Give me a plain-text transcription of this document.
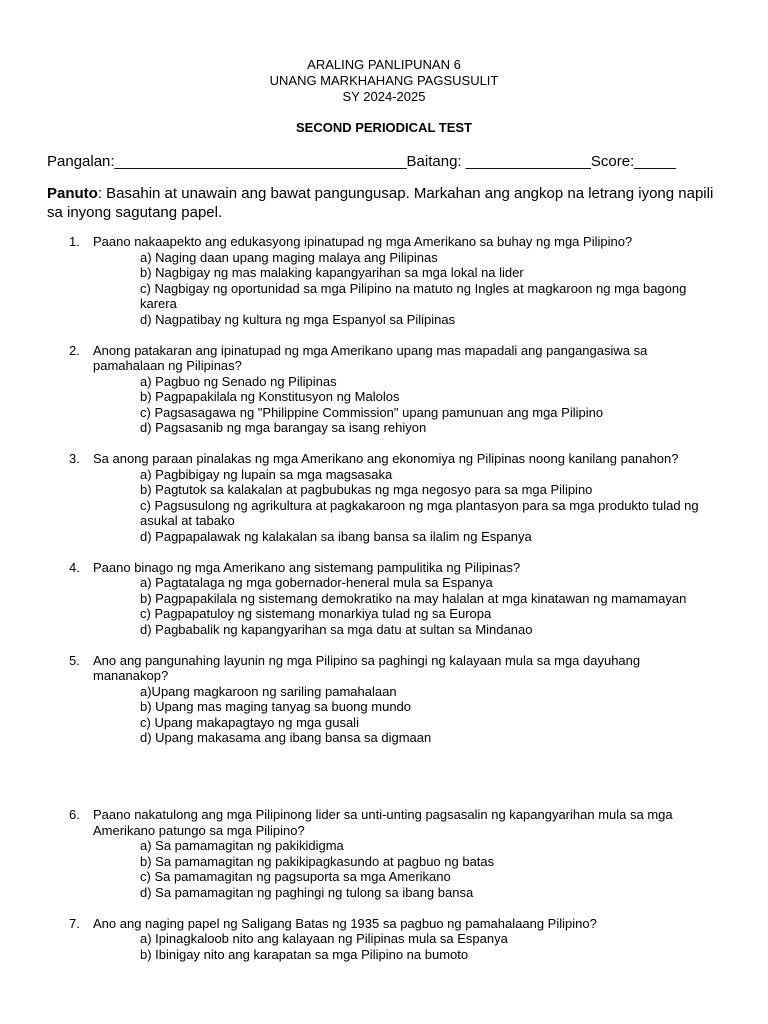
ARALING PANLIPUNAN 6
UNANG MARKHAHANG PAGSUSULIT
SY 2024-2025
SECOND PERIODICAL TEST
Pangalan:___________________________________Baitang: _______________Score:_____
Panuto: Basahin at unawain ang bawat pangungusap. Markahan ang angkop na letrang iyong napili sa inyong sagutang papel.
1. Paano nakaapekto ang edukasyong ipinatupad ng mga Amerikano sa buhay ng mga Pilipino?
a) Naging daan upang maging malaya ang Pilipinas
b) Nagbigay ng mas malaking kapangyarihan sa mga lokal na lider
c) Nagbigay ng oportunidad sa mga Pilipino na matuto ng Ingles at magkaroon ng mga bagong karera
d) Nagpatibay ng kultura ng mga Espanyol sa Pilipinas
2. Anong patakaran ang ipinatupad ng mga Amerikano upang mas mapadali ang pangangasiwa sa pamahalaan ng Pilipinas?
a) Pagbuo ng Senado ng Pilipinas
b) Pagpapakilala ng Konstitusyon ng Malolos
c) Pagsasagawa ng "Philippine Commission" upang pamunuan ang mga Pilipino
d) Pagsasanib ng mga barangay sa isang rehiyon
3. Sa anong paraan pinalakas ng mga Amerikano ang ekonomiya ng Pilipinas noong kanilang panahon?
a) Pagbibigay ng lupain sa mga magsasaka
b) Pagtutok sa kalakalan at pagbubukas ng mga negosyo para sa mga Pilipino
c) Pagsusulong ng agrikultura at pagkakaroon ng mga plantasyon para sa mga produkto tulad ng asukal at tabako
d) Pagpapalawak ng kalakalan sa ibang bansa sa ilalim ng Espanya
4. Paano binago ng mga Amerikano ang sistemang pampulitika ng Pilipinas?
a) Pagtatalaga ng mga gobernador-heneral mula sa Espanya
b) Pagpapakilala ng sistemang demokratiko na may halalan at mga kinatawan ng mamamayan
c) Pagpapatuloy ng sistemang monarkiya tulad ng sa Europa
d) Pagbabalik ng kapangyarihan sa mga datu at sultan sa Mindanao
5. Ano ang pangunahing layunin ng mga Pilipino sa paghingi ng kalayaan mula sa mga dayuhang mananakop?
a)Upang magkaroon ng sariling pamahalaan
b) Upang mas maging tanyag sa buong mundo
c) Upang makapagtayo ng mga gusali
d) Upang makasama ang ibang bansa sa digmaan
6. Paano nakatulong ang mga Pilipinong lider sa unti-unting pagsasalin ng kapangyarihan mula sa mga Amerikano patungo sa mga Pilipino?
a) Sa pamamagitan ng pakikidigma
b) Sa pamamagitan ng pakikipagkasundo at pagbuo ng batas
c) Sa pamamagitan ng pagsuporta sa mga Amerikano
d) Sa pamamagitan ng paghingi ng tulong sa ibang bansa
7. Ano ang naging papel ng Saligang Batas ng 1935 sa pagbuo ng pamahalaang Pilipino?
a) Ipinagkaloob nito ang kalayaan ng Pilipinas mula sa Espanya
b) Ibinigay nito ang karapatan sa mga Pilipino na bumoto
